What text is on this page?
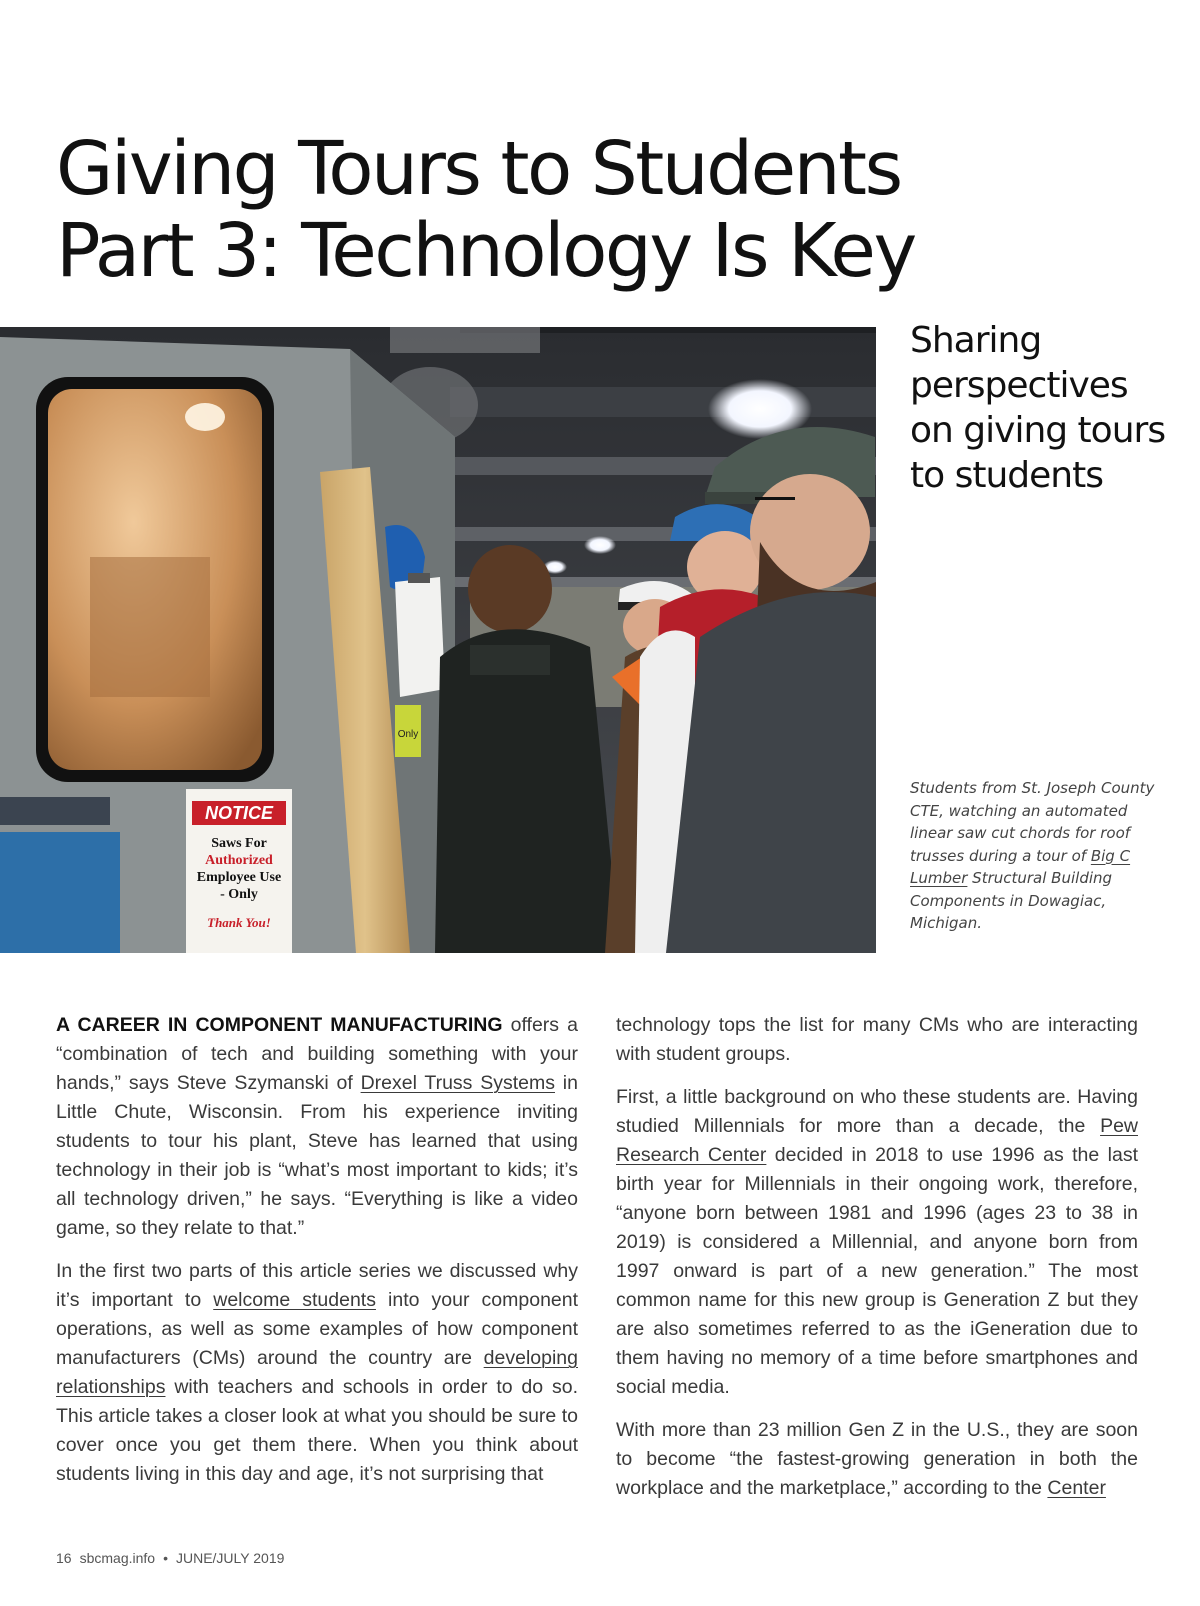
Giving Tours to Students
Part 3: Technology Is Key
NOTICE
Saws For
Authorized
Employee Use
- Only
Thank You!
Only

Sharing perspectives on giving tours to students

Students from St. Joseph County CTE, watching an automated linear saw cut chords for roof trusses during a tour of Big C Lumber Structural Building Components in Dowagiac, Michigan.

A CAREER IN COMPONENT MANUFACTURING offers a “combination of tech and building something with your hands,” says Steve Szymanski of Drexel Truss Systems in Little Chute, Wisconsin. From his experience inviting students to tour his plant, Steve has learned that using technology in their job is “what’s most important to kids; it’s all technology driven,” he says. “Everything is like a video game, so they relate to that.”

In the first two parts of this article series we discussed why it’s important to welcome students into your component operations, as well as some examples of how component manufacturers (CMs) around the country are developing relationships with teachers and schools in order to do so. This article takes a closer look at what you should be sure to cover once you get them there. When you think about students living in this day and age, it’s not surprising that

technology tops the list for many CMs who are interacting with student groups.

First, a little background on who these students are. Having studied Millennials for more than a decade, the Pew Research Center decided in 2018 to use 1996 as the last birth year for Millennials in their ongoing work, therefore, “anyone born between 1981 and 1996 (ages 23 to 38 in 2019) is considered a Millennial, and anyone born from 1997 onward is part of a new generation.” The most common name for this new group is Generation Z but they are also sometimes referred to as the iGeneration due to them having no memory of a time before smartphones and social media.

With more than 23 million Gen Z in the U.S., they are soon to become “the fastest-growing generation in both the workplace and the marketplace,” according to the Center

16 sbcmag.info • JUNE/JULY 2019
